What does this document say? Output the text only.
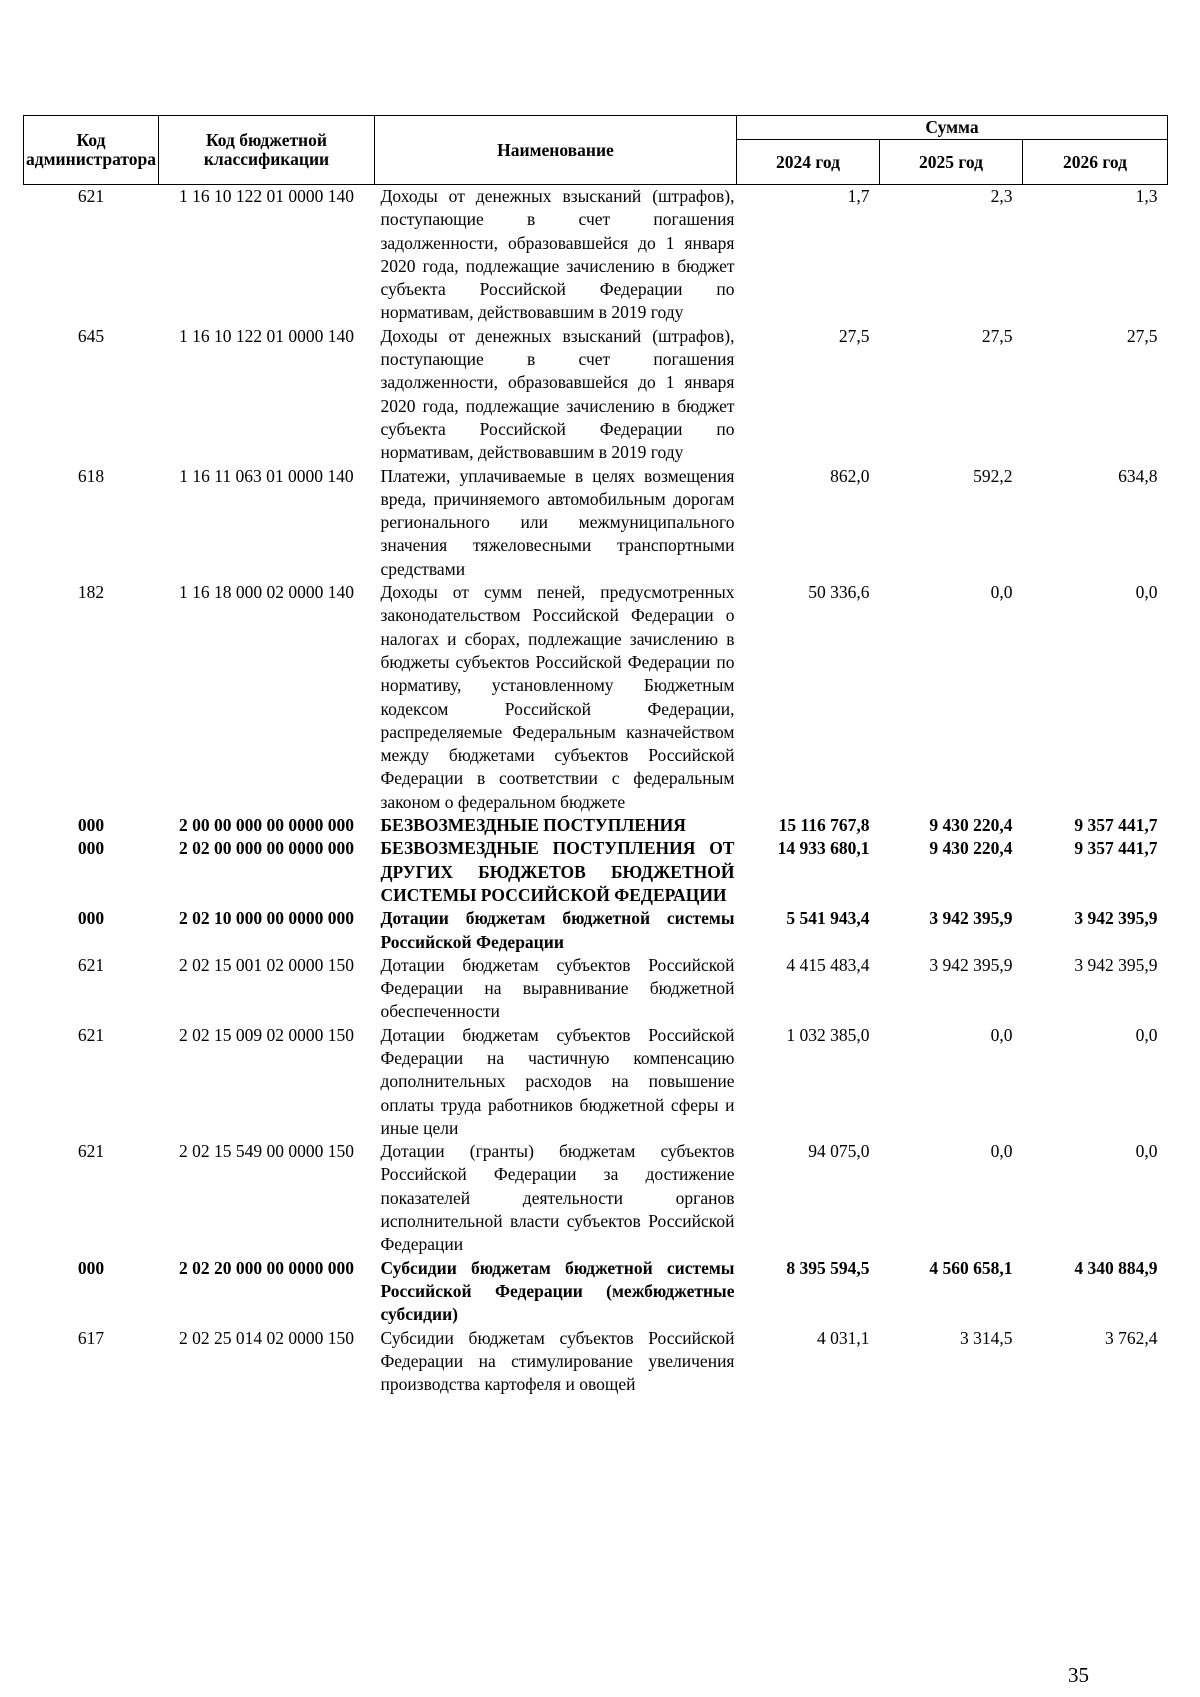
Код администратора	Код бюджетной классификации	Наименование	Сумма		
			2024 год	2025 год	2026 год
621	1 16 10 122 01 0000 140	Доходы от денежных взысканий (штрафов), поступающие в счет погашения задолженности, образовавшейся до 1 января 2020 года, подлежащие зачислению в бюджет субъекта Российской Федерации по нормативам, действовавшим в 2019 году	1,7	2,3	1,3
645	1 16 10 122 01 0000 140	Доходы от денежных взысканий (штрафов), поступающие в счет погашения задолженности, образовавшейся до 1 января 2020 года, подлежащие зачислению в бюджет субъекта Российской Федерации по нормативам, действовавшим в 2019 году	27,5	27,5	27,5
618	1 16 11 063 01 0000 140	Платежи, уплачиваемые в целях возмещения вреда, причиняемого автомобильным дорогам регионального или межмуниципального значения тяжеловесными транспортными средствами	862,0	592,2	634,8
182	1 16 18 000 02 0000 140	Доходы от сумм пеней, предусмотренных законодательством Российской Федерации о налогах и сборах, подлежащие зачислению в бюджеты субъектов Российской Федерации по нормативу, установленному Бюджетным кодексом Российской Федерации, распределяемые Федеральным казначейством между бюджетами субъектов Российской Федерации в соответствии с федеральным законом о федеральном бюджете	50 336,6	0,0	0,0
000	2 00 00 000 00 0000 000	БЕЗВОЗМЕЗДНЫЕ ПОСТУПЛЕНИЯ	15 116 767,8	9 430 220,4	9 357 441,7
000	2 02 00 000 00 0000 000	БЕЗВОЗМЕЗДНЫЕ ПОСТУПЛЕНИЯ ОТ ДРУГИХ БЮДЖЕТОВ БЮДЖЕТНОЙ СИСТЕМЫ РОССИЙСКОЙ ФЕДЕРАЦИИ	14 933 680,1	9 430 220,4	9 357 441,7
000	2 02 10 000 00 0000 000	Дотации бюджетам бюджетной системы Российской Федерации	5 541 943,4	3 942 395,9	3 942 395,9
621	2 02 15 001 02 0000 150	Дотации бюджетам субъектов Российской Федерации на выравнивание бюджетной обеспеченности	4 415 483,4	3 942 395,9	3 942 395,9
621	2 02 15 009 02 0000 150	Дотации бюджетам субъектов Российской Федерации на частичную компенсацию дополнительных расходов на повышение оплаты труда работников бюджетной сферы и иные цели	1 032 385,0	0,0	0,0
621	2 02 15 549 00 0000 150	Дотации (гранты) бюджетам субъектов Российской Федерации за достижение показателей деятельности органов исполнительной власти субъектов Российской Федерации	94 075,0	0,0	0,0
000	2 02 20 000 00 0000 000	Субсидии бюджетам бюджетной системы Российской Федерации (межбюджетные субсидии)	8 395 594,5	4 560 658,1	4 340 884,9
617	2 02 25 014 02 0000 150	Субсидии бюджетам субъектов Российской Федерации на стимулирование увеличения производства картофеля и овощей	4 031,1	3 314,5	3 762,4
35
